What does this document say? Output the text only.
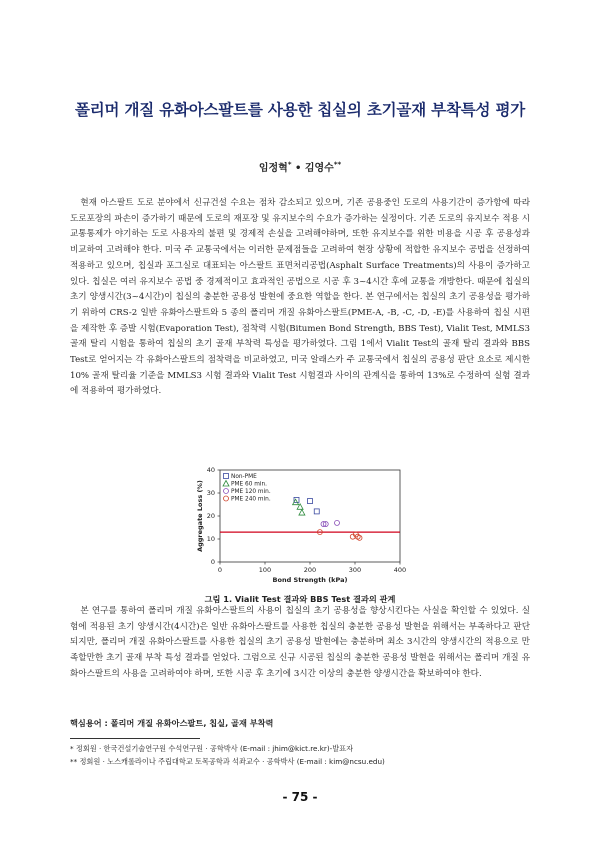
폴리머 개질 유화아스팔트를 사용한 칩실의 초기골재 부착특성 평가
임정혁* • 김영수**

현재 아스팔트 도로 분야에서 신규건설 수요는 점차 감소되고 있으며, 기존 공용중인 도로의 사용기간이 증가함에 따라 도로포장의 파손이 증가하기 때문에 도로의 재포장 및 유지보수의 수요가 증가하는 실정이다. 기존 도로의 유지보수 적용 시 교통통제가 야기하는 도로 사용자의 불편 및 경제적 손실을 고려해야하며, 또한 유지보수를 위한 비용을 시공 후 공용성과 비교하여 고려해야 한다. 미국 주 교통국에서는 이러한 문제점들을 고려하여 현장 상황에 적합한 유지보수 공법을 선정하여 적용하고 있으며, 칩실과 포그실로 대표되는 아스팔트 표면처리공법(Asphalt Surface Treatments)의 사용이 증가하고 있다. 칩실은 여러 유지보수 공법 중 경제적이고 효과적인 공법으로 시공 후 3~4시간 후에 교통을 개방한다. 때문에 칩실의 초기 양생시간(3~4시간)이 칩실의 충분한 공용성 발현에 중요한 역할을 한다. 본 연구에서는 칩실의 초기 공용성을 평가하기 위하여 CRS-2 일반 유화아스팔트와 5 종의 폴리머 개질 유화아스팔트(PME-A, -B, -C, -D, -E)를 사용하여 칩실 시편을 제작한 후 증발 시험(Evaporation Test), 점착력 시험(Bitumen Bond Strength, BBS Test), Vialit Test, MMLS3 골재 탈리 시험을 통하여 칩실의 초기 골재 부착력 특성을 평가하였다. 그림 1에서 Vialit Test의 골재 탈리 결과와 BBS Test로 얻어지는 각 유화아스팔트의 점착력을 비교하였고, 미국 알래스카 주 교통국에서 칩실의 공용성 판단 요소로 제시한 10% 골재 탈리율 기준을 MMLS3 시험 결과와 Vialit Test 시험결과 사이의 관계식을 통하여 13%로 수정하여 실험 결과에 적용하여 평가하였다.

0	100	200	300	400
0
10
20
30
40
Bond Strength (kPa)
Aggregate Loss (%)
Non-PME
PME 60 min.
PME 120 min.
PME 240 min.
그림 1. Vialit Test 결과와 BBS Test 결과의 관계

본 연구를 통하여 폴리머 개질 유화아스팔트의 사용이 칩실의 초기 공용성을 향상시킨다는 사실을 확인할 수 있었다. 실험에 적용된 초기 양생시간(4시간)은 일반 유화아스팔트를 사용한 칩실의 충분한 공용성 발현을 위해서는 부족하다고 판단되지만, 폴리머 개질 유화아스팔트를 사용한 칩실의 초기 공용성 발현에는 충분하며 최소 3시간의 양생시간의 적용으로 만족할만한 초기 골재 부착 특성 결과를 얻었다. 그럼으로 신규 시공된 칩실의 충분한 공용성 발현을 위해서는 폴리머 개질 유화아스팔트의 사용을 고려하여야 하며, 또한 시공 후 초기에 3시간 이상의 충분한 양생시간을 확보하여야 한다.

핵심용어 : 폴리머 개질 유화아스팔트, 칩실, 골재 부착력
* 정회원 · 한국건설기술연구원 수석연구원 · 공학박사 (E-mail : jhim@kict.re.kr)-발표자
** 정회원 · 노스캐롤라이나 주립대학교 토목공학과 석좌교수 · 공학박사 (E-mail : kim@ncsu.edu)
- 75 -
